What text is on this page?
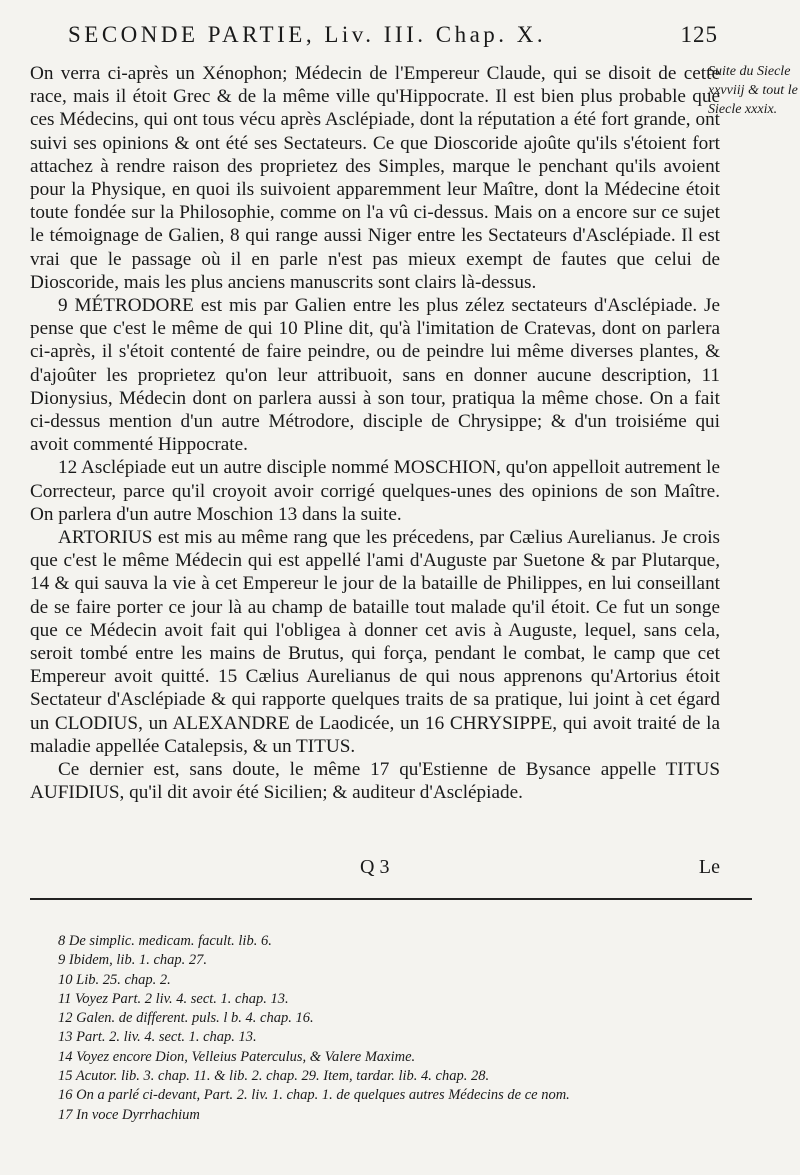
SECONDE PARTIE, Liv. III. Chap. X.	125
Suite du Siecle xxvviij & tout le Siecle xxxix.

On verra ci-après un Xénophon; Médecin de l'Empereur Claude, qui se disoit de cette race, mais il étoit Grec & de la même ville qu'Hippocrate. Il est bien plus probable que ces Médecins, qui ont tous vécu après Asclépiade, dont la réputation a été fort grande, ont suivi ses opinions & ont été ses Sectateurs. Ce que Dioscoride ajoûte qu'ils s'étoient fort attachez à rendre raison des proprietez des Simples, marque le penchant qu'ils avoient pour la Physique, en quoi ils suivoient apparemment leur Maître, dont la Médecine étoit toute fondée sur la Philosophie, comme on l'a vû ci-dessus. Mais on a encore sur ce sujet le témoignage de Galien, 8 qui range aussi Niger entre les Sectateurs d'Asclépiade. Il est vrai que le passage où il en parle n'est pas mieux exempt de fautes que celui de Dioscoride, mais les plus anciens manuscrits sont clairs là-dessus.

9 MÉTRODORE est mis par Galien entre les plus zélez sectateurs d'Asclépiade. Je pense que c'est le même de qui 10 Pline dit, qu'à l'imitation de Cratevas, dont on parlera ci-après, il s'étoit contenté de faire peindre, ou de peindre lui même diverses plantes, & d'ajoûter les proprietez qu'on leur attribuoit, sans en donner aucune description, 11 Dionysius, Médecin dont on parlera aussi à son tour, pratiqua la même chose. On a fait ci-dessus mention d'un autre Métrodore, disciple de Chrysippe; & d'un troisiéme qui avoit commenté Hippocrate.

12 Asclépiade eut un autre disciple nommé MOSCHION, qu'on appelloit autrement le Correcteur, parce qu'il croyoit avoir corrigé quelques-unes des opinions de son Maître. On parlera d'un autre Moschion 13 dans la suite.

ARTORIUS est mis au même rang que les précedens, par Cælius Aurelianus. Je crois que c'est le même Médecin qui est appellé l'ami d'Auguste par Suetone & par Plutarque, 14 & qui sauva la vie à cet Empereur le jour de la bataille de Philippes, en lui conseillant de se faire porter ce jour là au champ de bataille tout malade qu'il étoit. Ce fut un songe que ce Médecin avoit fait qui l'obligea à donner cet avis à Auguste, lequel, sans cela, seroit tombé entre les mains de Brutus, qui força, pendant le combat, le camp que cet Empereur avoit quitté. 15 Cælius Aurelianus de qui nous apprenons qu'Artorius étoit Sectateur d'Asclépiade & qui rapporte quelques traits de sa pratique, lui joint à cet égard un CLODIUS, un ALEXANDRE de Laodicée, un 16 CHRYSIPPE, qui avoit traité de la maladie appellée Catalepsis, & un TITUS.

Ce dernier est, sans doute, le même 17 qu'Estienne de Bysance appelle TITUS AUFIDIUS, qu'il dit avoir été Sicilien; & auditeur d'Asclépiade.

Q 3	Le
8 De simplic. medicam. facult. lib. 6.
9 Ibidem, lib. 1. chap. 27.
10 Lib. 25. chap. 2.
11 Voyez Part. 2 liv. 4. sect. 1. chap. 13.
12 Galen. de different. puls. l b. 4. chap. 16.
13 Part. 2. liv. 4. sect. 1. chap. 13.
14 Voyez encore Dion, Velleius Paterculus, & Valere Maxime.
15 Acutor. lib. 3. chap. 11. & lib. 2. chap. 29. Item, tardar. lib. 4. chap. 28.
16 On a parlé ci-devant, Part. 2. liv. 1. chap. 1. de quelques autres Médecins de ce nom.
17 In voce Dyrrhachium
